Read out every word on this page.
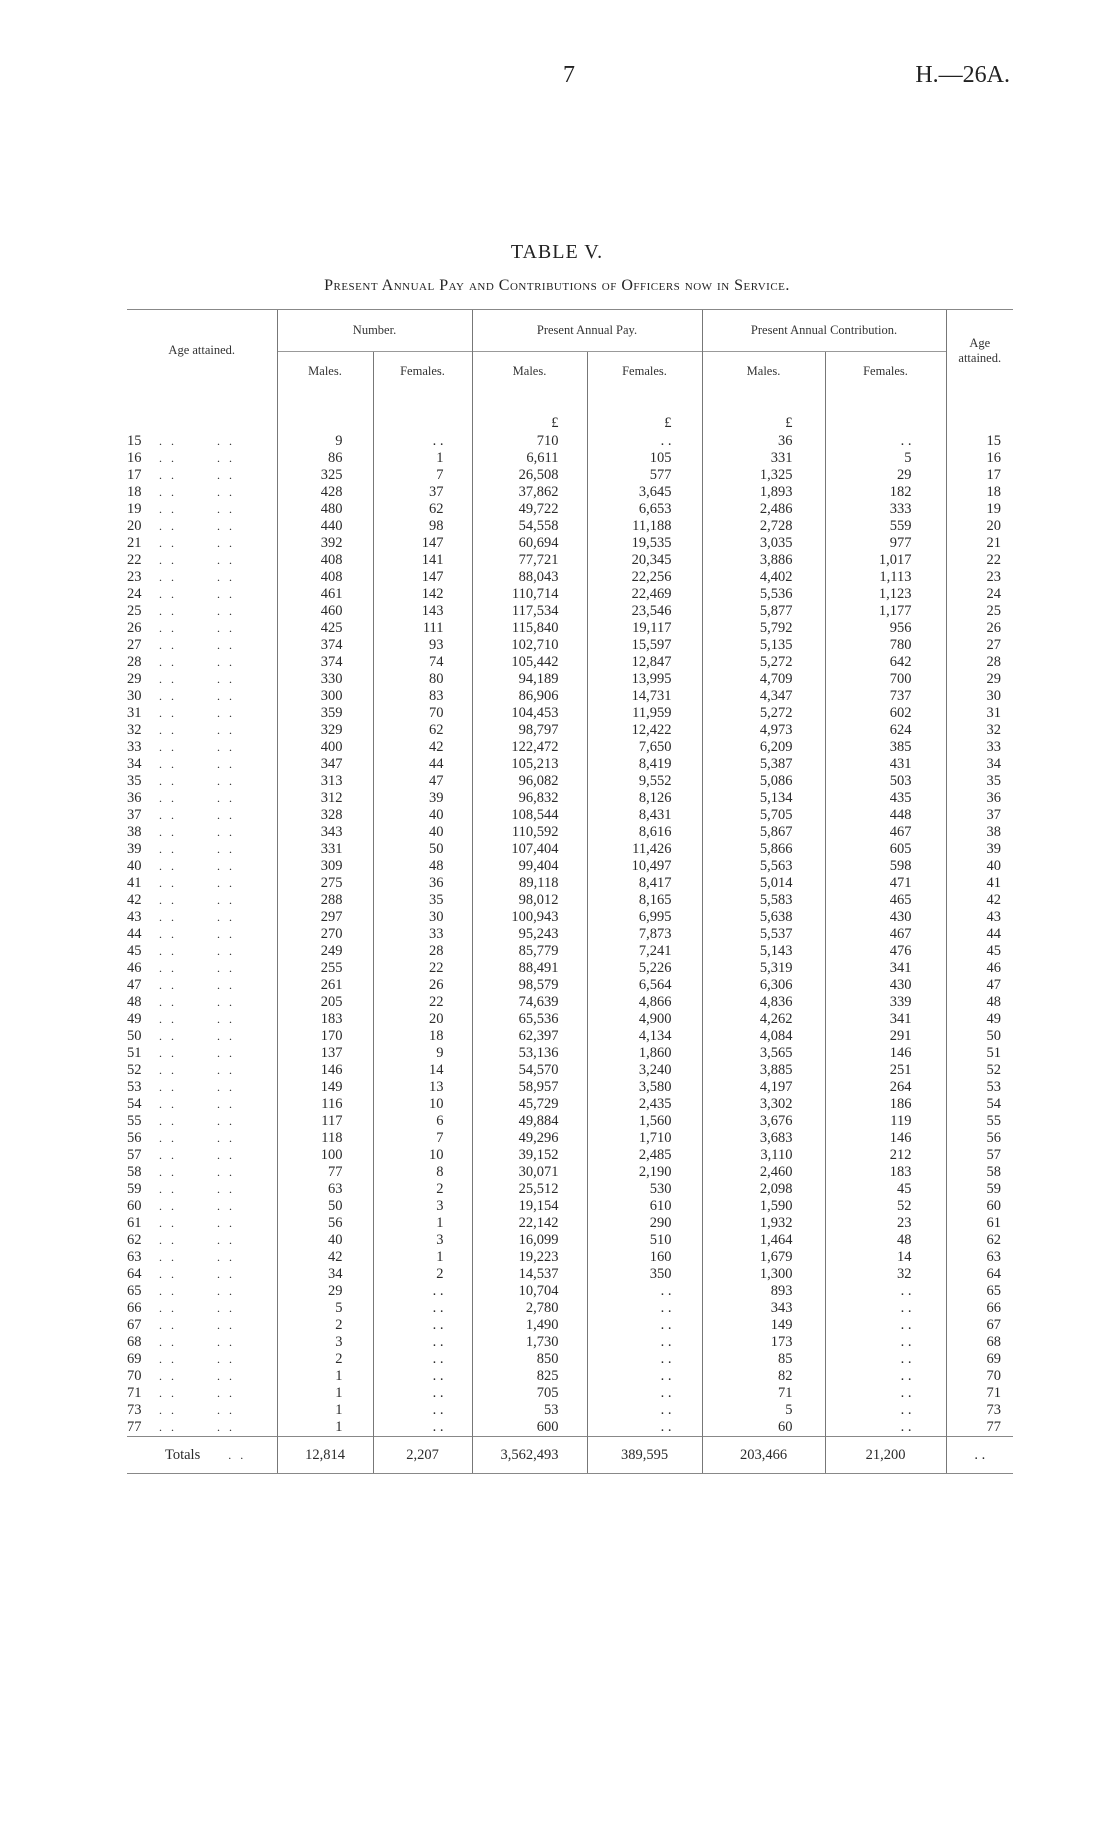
7	H.—26A.
TABLE V.
Present Annual Pay and Contributions of Officers now in Service.
Age attained.	Number.		Present Annual Pay.		Present Annual Contribution.		Age attained.
	Males.	Females.	Males.	Females.	Males.	Females.	

			£	£	£		
15 . . . .	9	. .	710	. .	36	. .	15
16 . . . .	86	1	6,611	105	331	5	16
17 . . . .	325	7	26,508	577	1,325	29	17
18 . . . .	428	37	37,862	3,645	1,893	182	18
19 . . . .	480	62	49,722	6,653	2,486	333	19
20 . . . .	440	98	54,558	11,188	2,728	559	20
21 . . . .	392	147	60,694	19,535	3,035	977	21
22 . . . .	408	141	77,721	20,345	3,886	1,017	22
23 . . . .	408	147	88,043	22,256	4,402	1,113	23
24 . . . .	461	142	110,714	22,469	5,536	1,123	24
25 . . . .	460	143	117,534	23,546	5,877	1,177	25
26 . . . .	425	111	115,840	19,117	5,792	956	26
27 . . . .	374	93	102,710	15,597	5,135	780	27
28 . . . .	374	74	105,442	12,847	5,272	642	28
29 . . . .	330	80	94,189	13,995	4,709	700	29
30 . . . .	300	83	86,906	14,731	4,347	737	30
31 . . . .	359	70	104,453	11,959	5,272	602	31
32 . . . .	329	62	98,797	12,422	4,973	624	32
33 . . . .	400	42	122,472	7,650	6,209	385	33
34 . . . .	347	44	105,213	8,419	5,387	431	34
35 . . . .	313	47	96,082	9,552	5,086	503	35
36 . . . .	312	39	96,832	8,126	5,134	435	36
37 . . . .	328	40	108,544	8,431	5,705	448	37
38 . . . .	343	40	110,592	8,616	5,867	467	38
39 . . . .	331	50	107,404	11,426	5,866	605	39
40 . . . .	309	48	99,404	10,497	5,563	598	40
41 . . . .	275	36	89,118	8,417	5,014	471	41
42 . . . .	288	35	98,012	8,165	5,583	465	42
43 . . . .	297	30	100,943	6,995	5,638	430	43
44 . . . .	270	33	95,243	7,873	5,537	467	44
45 . . . .	249	28	85,779	7,241	5,143	476	45
46 . . . .	255	22	88,491	5,226	5,319	341	46
47 . . . .	261	26	98,579	6,564	6,306	430	47
48 . . . .	205	22	74,639	4,866	4,836	339	48
49 . . . .	183	20	65,536	4,900	4,262	341	49
50 . . . .	170	18	62,397	4,134	4,084	291	50
51 . . . .	137	9	53,136	1,860	3,565	146	51
52 . . . .	146	14	54,570	3,240	3,885	251	52
53 . . . .	149	13	58,957	3,580	4,197	264	53
54 . . . .	116	10	45,729	2,435	3,302	186	54
55 . . . .	117	6	49,884	1,560	3,676	119	55
56 . . . .	118	7	49,296	1,710	3,683	146	56
57 . . . .	100	10	39,152	2,485	3,110	212	57
58 . . . .	77	8	30,071	2,190	2,460	183	58
59 . . . .	63	2	25,512	530	2,098	45	59
60 . . . .	50	3	19,154	610	1,590	52	60
61 . . . .	56	1	22,142	290	1,932	23	61
62 . . . .	40	3	16,099	510	1,464	48	62
63 . . . .	42	1	19,223	160	1,679	14	63
64 . . . .	34	2	14,537	350	1,300	32	64
65 . . . .	29	. .	10,704	. .	893	. .	65
66 . . . .	5	. .	2,780	. .	343	. .	66
67 . . . .	2	. .	1,490	. .	149	. .	67
68 . . . .	3	. .	1,730	. .	173	. .	68
69 . . . .	2	. .	850	. .	85	. .	69
70 . . . .	1	. .	825	. .	82	. .	70
71 . . . .	1	. .	705	. .	71	. .	71
73 . . . .	1	. .	53	. .	5	. .	73
77 . . . .	1	. .	600	. .	60	. .	77
Totals . .	12,814	2,207	3,562,493	389,595	203,466	21,200	. .
